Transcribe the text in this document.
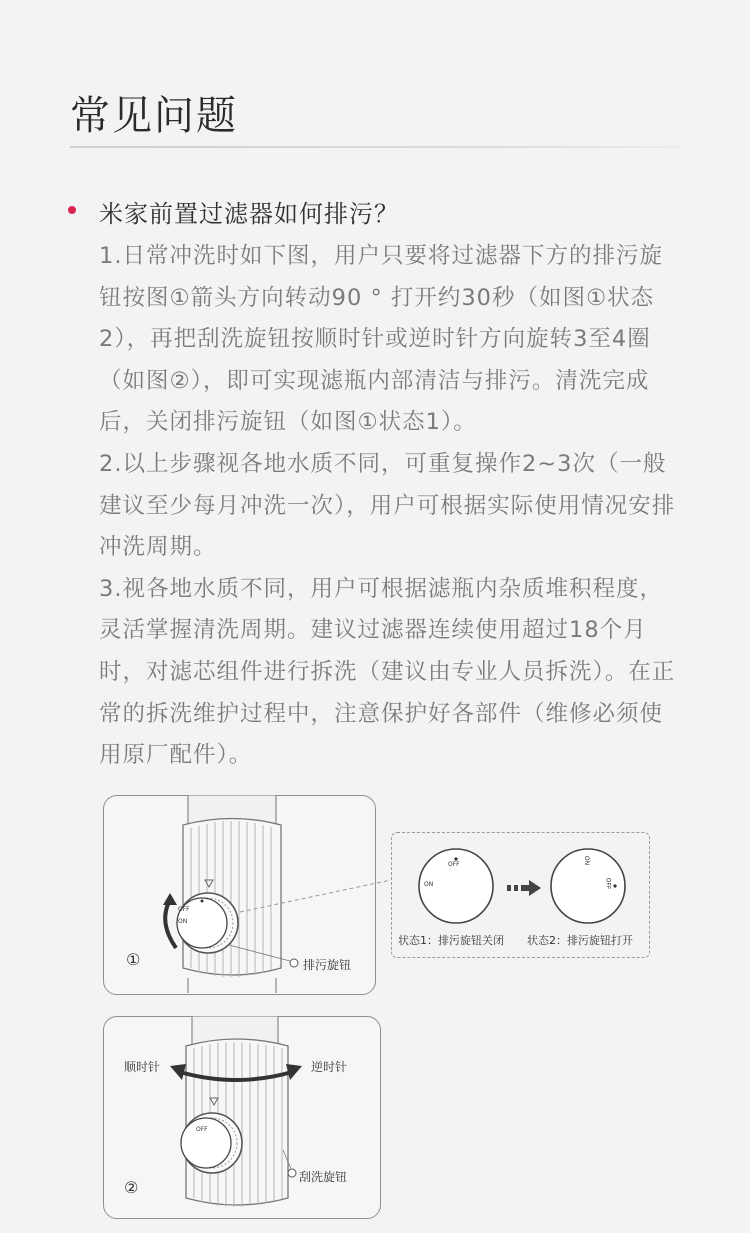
常见问题
米家前置过滤器如何排污？

1.日常冲洗时如下图，用户只要将过滤器下方的排污旋钮按图①箭头方向转动90 ° 打开约30秒（如图①状态2），再把刮洗旋钮按顺时针或逆时针方向旋转3至4圈（如图②），即可实现滤瓶内部清洁与排污。清洗完成后，关闭排污旋钮（如图①状态1）。

2.以上步骤视各地水质不同，可重复操作2~3次（一般建议至少每月冲洗一次），用户可根据实际使用情况安排冲洗周期。

3.视各地水质不同，用户可根据滤瓶内杂质堆积程度，灵活掌握清洗周期。建议过滤器连续使用超过18个月时，对滤芯组件进行拆洗（建议由专业人员拆洗）。在正常的拆洗维护过程中，注意保护好各部件（维修必须使用原厂配件）。

OFF
ON
①	排污旋钮
OFF
ON
ON
OFF
状态1：排污旋钮关闭 状态2：排污旋钮打开
顺时针	逆时针
OFF
②
刮洗旋钮
